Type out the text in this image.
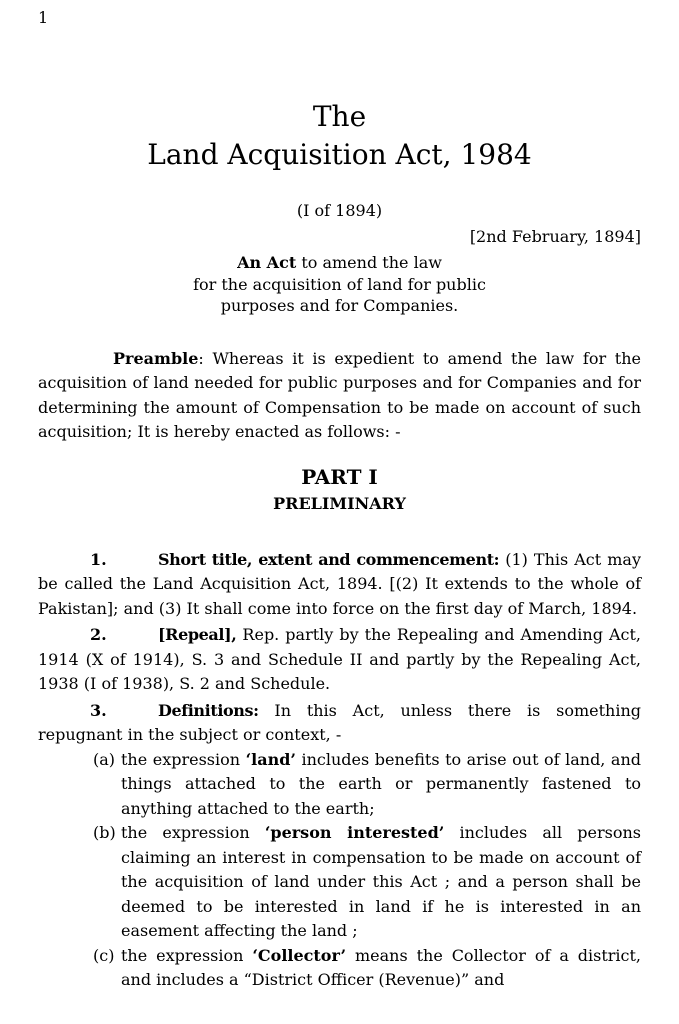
1
The
Land Acquisition Act, 1984
(I of 1894)
[2nd February, 1894]
An Act to amend the law
for the acquisition of land for public
purposes and for Companies.

Preamble: Whereas it is expedient to amend the law for the acquisition of land needed for public purposes and for Companies and for determining the amount of Compensation to be made on account of such acquisition; It is hereby enacted as follows: -

PART I
PRELIMINARY

1.	Short title, extent and commencement: (1) This Act may be called the Land Acquisition Act, 1894. [(2) It extends to the whole of Pakistan]; and (3) It shall come into force on the first day of March, 1894.

2.	[Repeal], Rep. partly by the Repealing and Amending Act, 1914 (X of 1914), S. 3 and Schedule II and partly by the Repealing Act, 1938 (I of 1938), S. 2 and Schedule.

3.	Definitions: In this Act, unless there is something repugnant in the subject or context, -

(a) the expression ‘land’ includes benefits to arise out of land, and things attached to the earth or permanently fastened to anything attached to the earth;
(b) the expression ‘person interested’ includes all persons claiming an interest in compensation to be made on account of the acquisition of land under this Act ; and a person shall be deemed to be interested in land if he is interested in an easement affecting the land ;
(c) the expression ‘Collector’ means the Collector of a district, and includes a “District Officer (Revenue)” and
